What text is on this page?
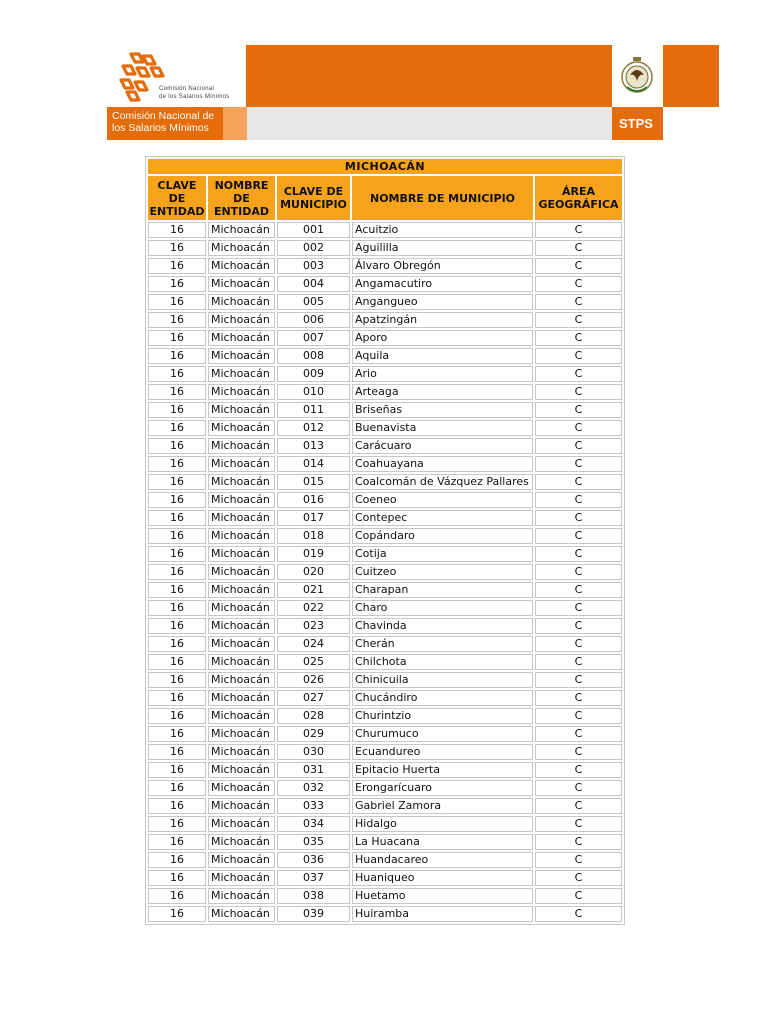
Comisión Nacional
de los Salarios Mínimos
Comisión Nacional de
los Salarios Mínimos	STPS
MICHOACÁN				
CLAVE DE ENTIDAD	NOMBRE DE ENTIDAD	CLAVE DE MUNICIPIO	NOMBRE DE MUNICIPIO	ÁREA GEOGRÁFICA
16	Michoacán	001	Acuitzio	C
16	Michoacán	002	Aguililla	C
16	Michoacán	003	Álvaro Obregón	C
16	Michoacán	004	Angamacutiro	C
16	Michoacán	005	Angangueo	C
16	Michoacán	006	Apatzingán	C
16	Michoacán	007	Aporo	C
16	Michoacán	008	Aquila	C
16	Michoacán	009	Ario	C
16	Michoacán	010	Arteaga	C
16	Michoacán	011	Briseñas	C
16	Michoacán	012	Buenavista	C
16	Michoacán	013	Carácuaro	C
16	Michoacán	014	Coahuayana	C
16	Michoacán	015	Coalcomán de Vázquez Pallares	C
16	Michoacán	016	Coeneo	C
16	Michoacán	017	Contepec	C
16	Michoacán	018	Copándaro	C
16	Michoacán	019	Cotija	C
16	Michoacán	020	Cuitzeo	C
16	Michoacán	021	Charapan	C
16	Michoacán	022	Charo	C
16	Michoacán	023	Chavinda	C
16	Michoacán	024	Cherán	C
16	Michoacán	025	Chilchota	C
16	Michoacán	026	Chinicuila	C
16	Michoacán	027	Chucándiro	C
16	Michoacán	028	Churintzio	C
16	Michoacán	029	Churumuco	C
16	Michoacán	030	Ecuandureo	C
16	Michoacán	031	Epitacio Huerta	C
16	Michoacán	032	Erongarícuaro	C
16	Michoacán	033	Gabriel Zamora	C
16	Michoacán	034	Hidalgo	C
16	Michoacán	035	La Huacana	C
16	Michoacán	036	Huandacareo	C
16	Michoacán	037	Huaniqueo	C
16	Michoacán	038	Huetamo	C
16	Michoacán	039	Huiramba	C
